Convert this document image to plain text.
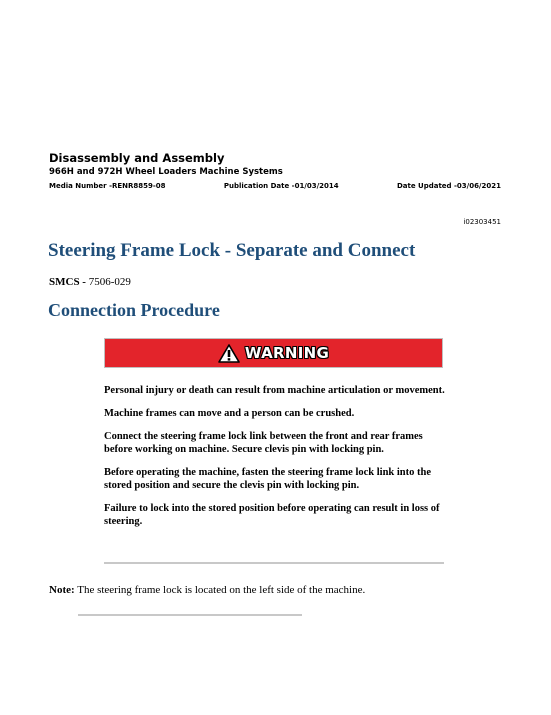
Disassembly and Assembly
966H and 972H Wheel Loaders Machine Systems
Media Number -RENR8859-08	Publication Date -01/03/2014	Date Updated -03/06/2021
i02303451
Steering Frame Lock - Separate and Connect
SMCS - 7506-029
Connection Procedure
WARNING

Personal injury or death can result from machine articulation or movement.

Machine frames can move and a person can be crushed.

Connect the steering frame lock link between the front and rear frames before working on machine. Secure clevis pin with locking pin.

Before operating the machine, fasten the steering frame lock link into the stored position and secure the clevis pin with locking pin.

Failure to lock into the stored position before operating can result in loss of steering.

Note: The steering frame lock is located on the left side of the machine.
